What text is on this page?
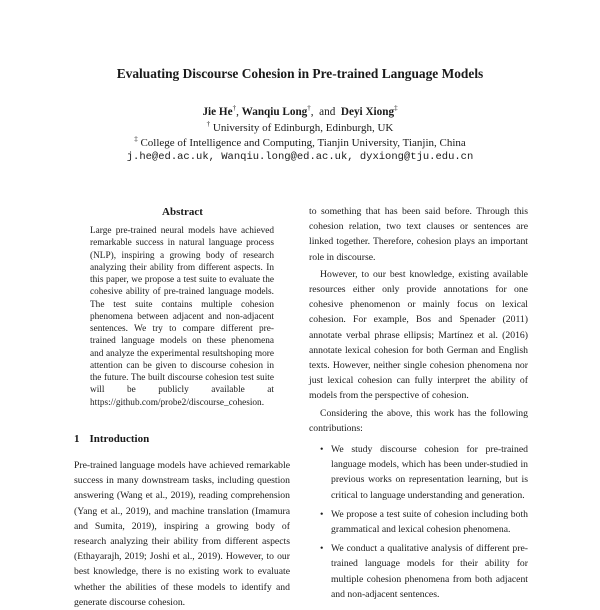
Evaluating Discourse Cohesion in Pre-trained Language Models
Jie He†, Wanqiu Long†,  and  Deyi Xiong‡
† University of Edinburgh, Edinburgh, UK
‡ College of Intelligence and Computing, Tianjin University, Tianjin, China
j.he@ed.ac.uk, Wanqiu.long@ed.ac.uk, dyxiong@tju.edu.cn
Abstract
Large pre-trained neural models have achieved remarkable success in natural language process (NLP), inspiring a growing body of research analyzing their ability from different aspects. In this paper, we propose a test suite to evaluate the cohesive ability of pre-trained language models. The test suite contains multiple cohesion phenomena between adjacent and non-adjacent sentences. We try to compare different pre-trained language models on these phenomena and analyze the experimental resultshoping more attention can be given to discourse cohesion in the future. The built discourse cohesion test suite will be publicly available at https://github.com/probe2/discourse_cohesion.
1 Introduction
Pre-trained language models have achieved remarkable success in many downstream tasks, including question answering (Wang et al., 2019), reading comprehension (Yang et al., 2019), and machine translation (Imamura and Sumita, 2019), inspiring a growing body of research analyzing their ability from different aspects (Ethayarajh, 2019; Joshi et al., 2019). However, to our best knowledge, there is no existing work to evaluate whether the abilities of these models to identify and generate discourse cohesion.

to something that has been said before. Through this cohesion relation, two text clauses or sentences are linked together. Therefore, cohesion plays an important role in discourse.

However, to our best knowledge, existing available resources either only provide annotations for one cohesive phenomenon or mainly focus on lexical cohesion. For example, Bos and Spenader (2011) annotate verbal phrase ellipsis; Martínez et al. (2016) annotate lexical cohesion for both German and English texts. However, neither single cohesion phenomena nor just lexical cohesion can fully interpret the ability of models from the perspective of cohesion.

Considering the above, this work has the following contributions:

• We study discourse cohesion for pre-trained language models, which has been under-studied in previous works on representation learning, but is critical to language understanding and generation.
• We propose a test suite of cohesion including both grammatical and lexical cohesion phenomena.
• We conduct a qualitative analysis of different pre-trained language models for their ability for multiple cohesion phenomena from both adjacent and non-adjacent sentences.
